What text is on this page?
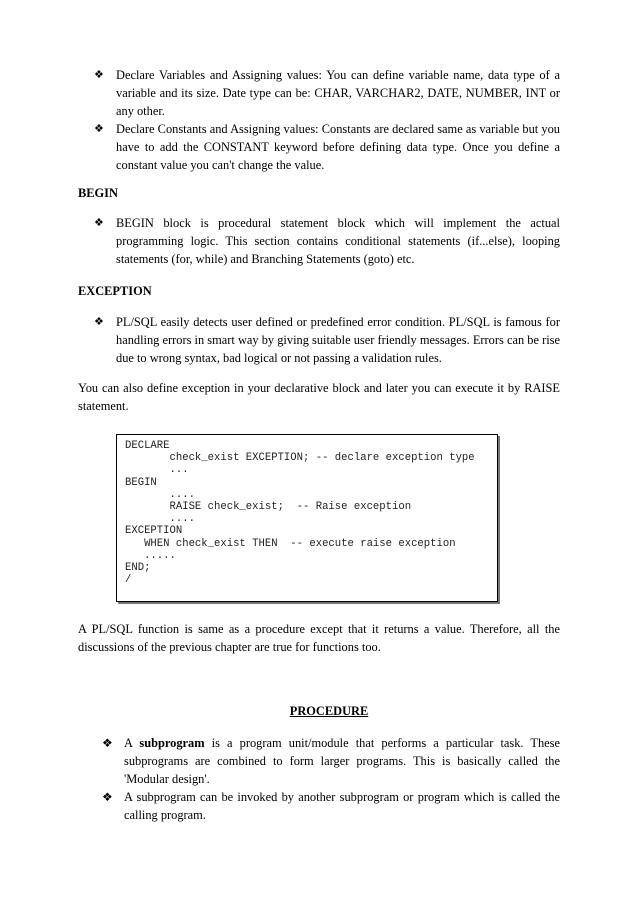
❖ Declare Variables and Assigning values: You can define variable name, data type of a variable and its size. Date type can be: CHAR, VARCHAR2, DATE, NUMBER, INT or any other.
❖ Declare Constants and Assigning values: Constants are declared same as variable but you have to add the CONSTANT keyword before defining data type. Once you define a constant value you can't change the value.
BEGIN
❖ BEGIN block is procedural statement block which will implement the actual programming logic. This section contains conditional statements (if...else), looping statements (for, while) and Branching Statements (goto) etc.
EXCEPTION
❖ PL/SQL easily detects user defined or predefined error condition. PL/SQL is famous for handling errors in smart way by giving suitable user friendly messages. Errors can be rise due to wrong syntax, bad logical or not passing a validation rules.
You can also define exception in your declarative block and later you can execute it by RAISE statement.
DECLARE
check_exist EXCEPTION; -- declare exception type
...
BEGIN
....
RAISE check_exist;  -- Raise exception
....
EXCEPTION
WHEN check_exist THEN  -- execute raise exception
.....
END;
/
A PL/SQL function is same as a procedure except that it returns a value. Therefore, all the discussions of the previous chapter are true for functions too.
PROCEDURE
❖ A subprogram is a program unit/module that performs a particular task. These subprograms are combined to form larger programs. This is basically called the 'Modular design'.
❖ A subprogram can be invoked by another subprogram or program which is called the calling program.
